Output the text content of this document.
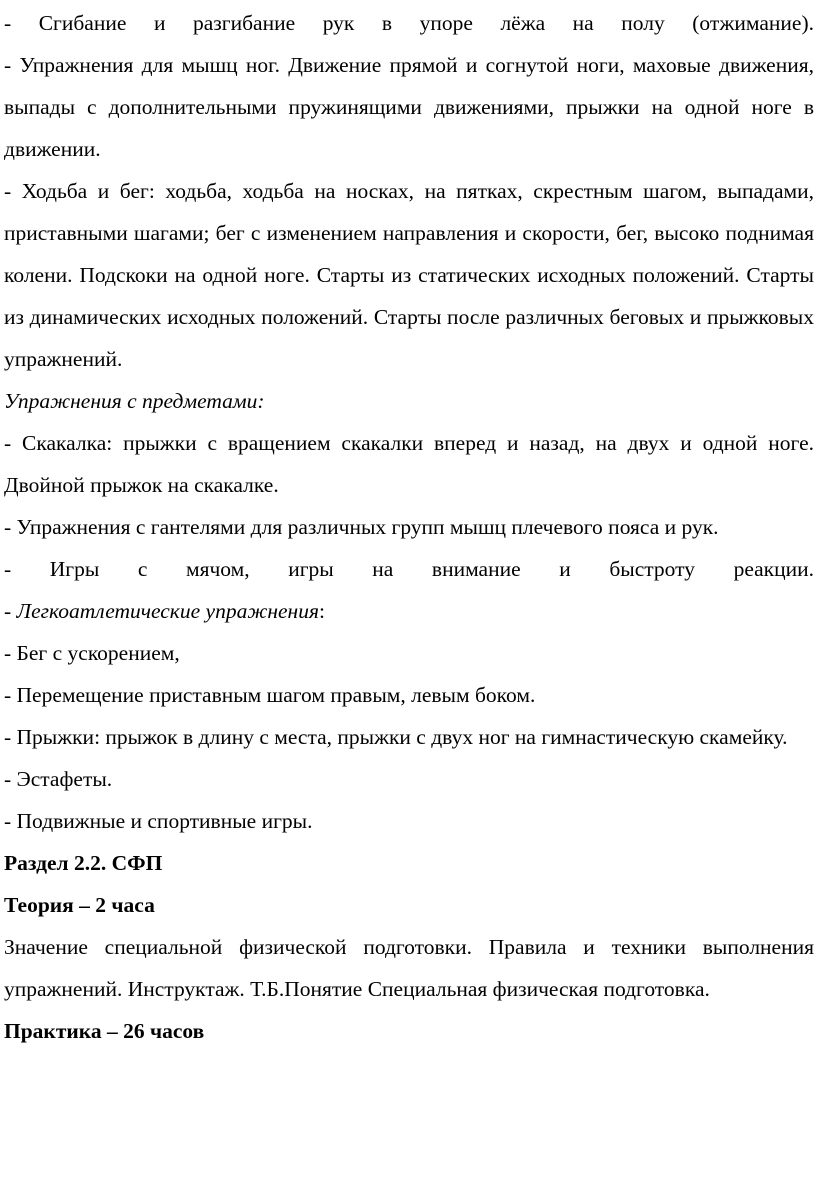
- Сгибание и разгибание рук в упоре лёжа на полу (отжимание).

- Упражнения для мышц ног. Движение прямой и согнутой ноги, маховые движения, выпады с дополнительными пружинящими движениями, прыжки на одной ноге в движении.

- Ходьба и бег: ходьба, ходьба на носках, на пятках, скрестным шагом, выпадами, приставными шагами; бег с изменением направления и скорости, бег, высоко поднимая колени. Подскоки на одной ноге. Старты из статических исходных положений. Старты из динамических исходных положений. Старты после различных беговых и прыжковых упражнений.

Упражнения с предметами:

- Скакалка: прыжки с вращением скакалки вперед и назад, на двух и одной ноге. Двойной прыжок на скакалке.

- Упражнения с гантелями для различных групп мышц плечевого пояса и рук.

- Игры с мячом, игры на внимание и быстроту реакции.

- Легкоатлетические упражнения:

- Бег с ускорением,

- Перемещение приставным шагом правым, левым боком.

- Прыжки: прыжок в длину с места, прыжки с двух ног на гимнастическую скамейку.

- Эстафеты.

- Подвижные и спортивные игры.

Раздел 2.2. СФП

Теория – 2 часа

Значение специальной физической подготовки. Правила и техники выполнения упражнений. Инструктаж. Т.Б.Понятие Специальная физическая подготовка.

Практика – 26 часов
